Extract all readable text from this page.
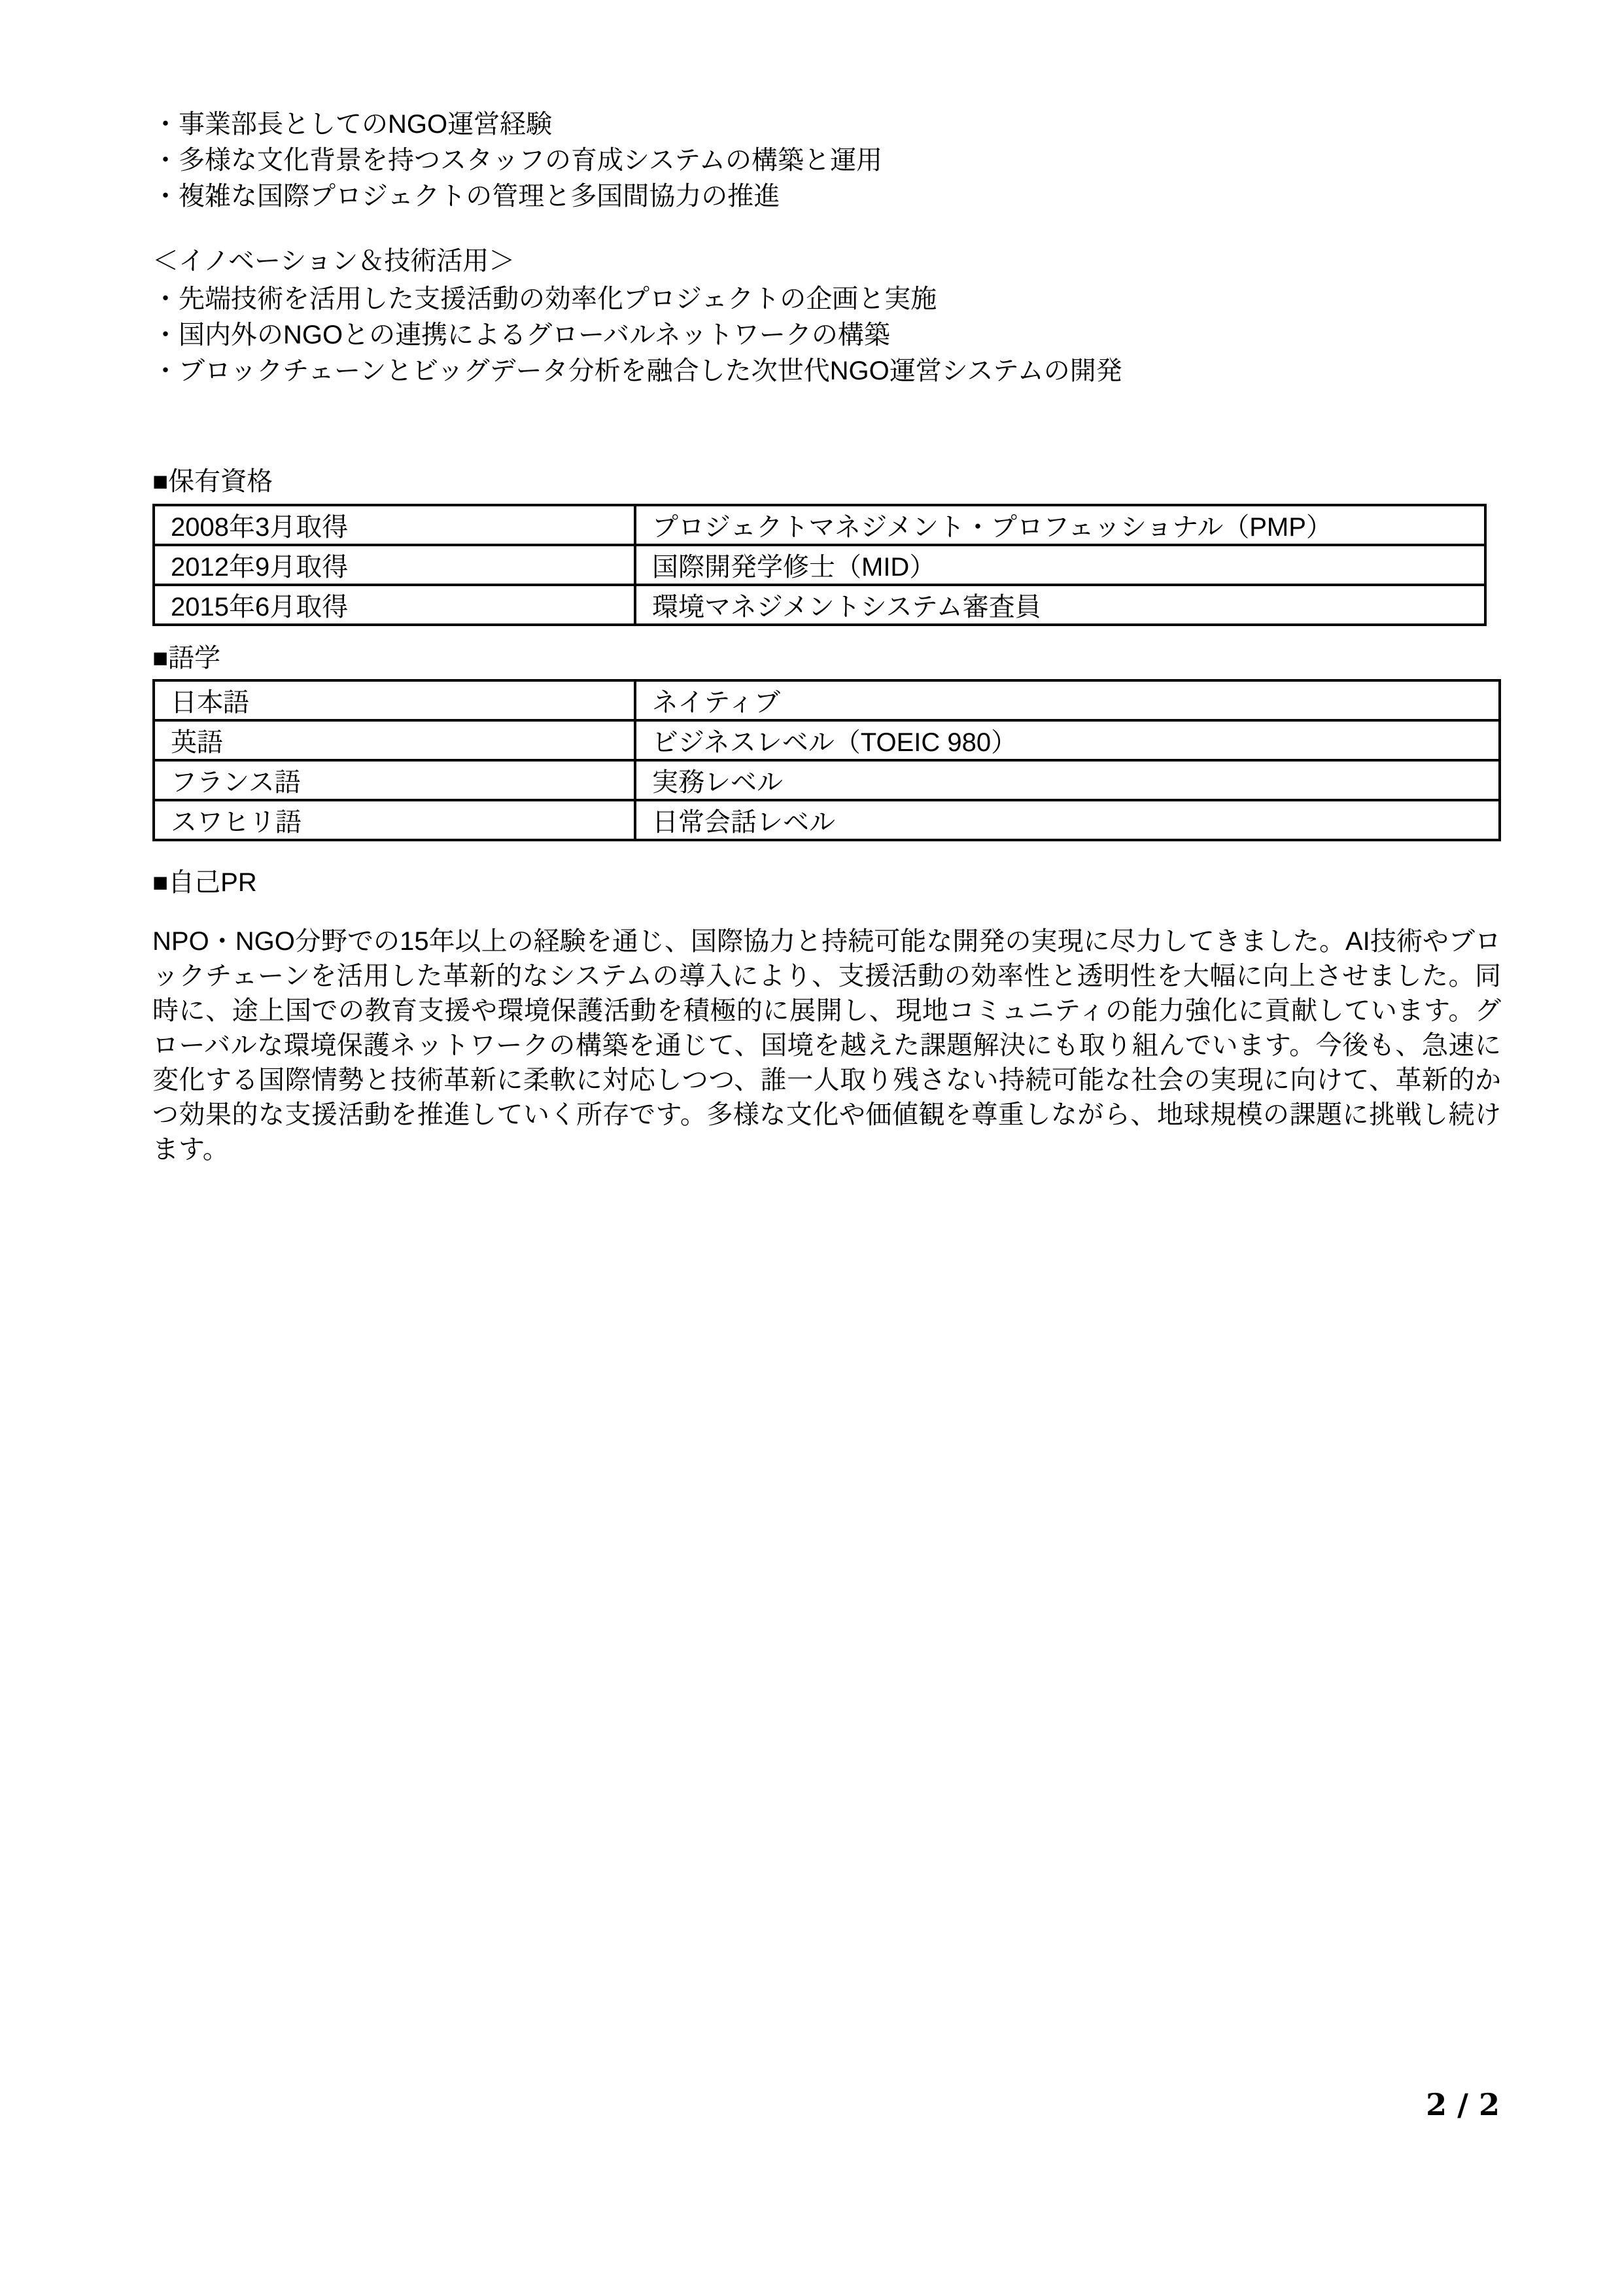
・事業部長としてのNGO運営経験
・多様な文化背景を持つスタッフの育成システムの構築と運用
・複雑な国際プロジェクトの管理と多国間協力の推進
＜イノベーション＆技術活用＞
・先端技術を活用した支援活動の効率化プロジェクトの企画と実施
・国内外のNGOとの連携によるグローバルネットワークの構築
・ブロックチェーンとビッグデータ分析を融合した次世代NGO運営システムの開発
■保有資格
2008年3月取得	プロジェクトマネジメント・プロフェッショナル（PMP）
2012年9月取得	国際開発学修士（MID）
2015年6月取得	環境マネジメントシステム審査員
■語学
日本語	ネイティブ
英語	ビジネスレベル（TOEIC 980）
フランス語	実務レベル
スワヒリ語	日常会話レベル
■自己PR

NPO・NGO分野での15年以上の経験を通じ、国際協力と持続可能な開発の実現に尽力してきました。AI技術やブロックチェーンを活用した革新的なシステムの導入により、支援活動の効率性と透明性を大幅に向上させました。同時に、途上国での教育支援や環境保護活動を積極的に展開し、現地コミュニティの能力強化に貢献しています。グローバルな環境保護ネットワークの構築を通じて、国境を越えた課題解決にも取り組んでいます。今後も、急速に変化する国際情勢と技術革新に柔軟に対応しつつ、誰一人取り残さない持続可能な社会の実現に向けて、革新的かつ効果的な支援活動を推進していく所存です。多様な文化や価値観を尊重しながら、地球規模の課題に挑戦し続けます。

2 / 2
